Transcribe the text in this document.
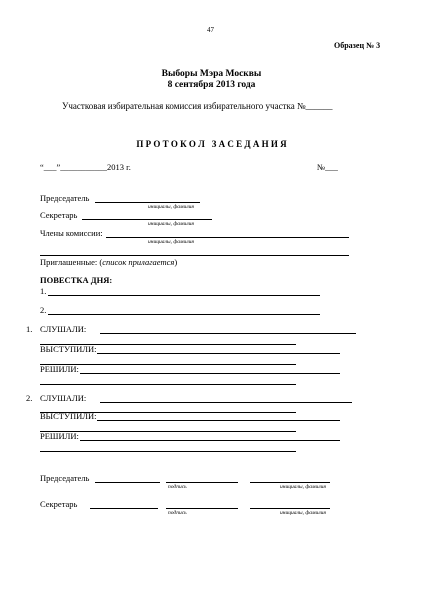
47
Образец № 3
Выборы Мэра Москвы
8 сентября 2013 года
Участковая избирательная комиссия избирательного участка №______
П Р О Т О К О Л   З А С Е Д А Н И Я
“___”___________2013 г.	№___
Председатель
инициалы, фамилия
Секретарь
инициалы, фамилия
Члены комиссии:
инициалы, фамилия
Приглашенные: (список прилагается)
ПОВЕСТКА ДНЯ:
1.
2.
1. СЛУШАЛИ:
ВЫСТУПИЛИ:
РЕШИЛИ:
2. СЛУШАЛИ:
ВЫСТУПИЛИ:
РЕШИЛИ:
Председатель
подпись	инициалы, фамилия
Секретарь
подпись	инициалы, фамилия
